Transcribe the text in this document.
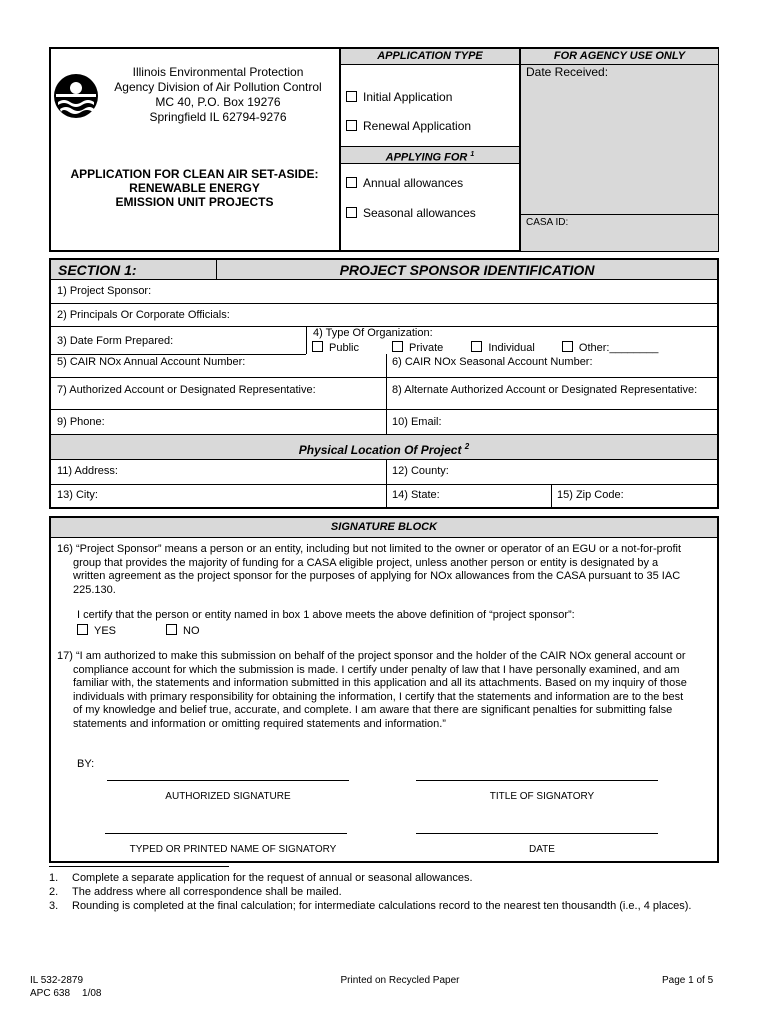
Illinois Environmental Protection
Agency Division of Air Pollution Control
MC 40, P.O. Box 19276
Springfield IL 62794-9276
APPLICATION FOR CLEAN AIR SET-ASIDE:
RENEWABLE ENERGY
EMISSION UNIT PROJECTS
APPLICATION TYPE
Initial Application
Renewal Application
APPLYING FOR $^1$
Annual allowances
Seasonal allowances
FOR AGENCY USE ONLY
Date Received:
CASA ID:
SECTION 1:	PROJECT SPONSOR IDENTIFICATION
1) Project Sponsor:
2) Principals Or Corporate Officials:
3) Date Form Prepared:
4) Type Of Organization:
Public	Private	Individual	Other:________
5) CAIR NOx Annual Account Number:	6) CAIR NOx Seasonal Account Number:
7) Authorized Account or Designated Representative:	8) Alternate Authorized Account or Designated Representative:
9) Phone:	10) Email:
Physical Location Of Project $^2$
11) Address:	12) County:
13) City:	14) State:	15) Zip Code:
SIGNATURE BLOCK
16) “Project Sponsor” means a person or an entity, including but not limited to the owner or operator of an EGU or a not-for-profit
group that provides the majority of funding for a CASA eligible project, unless another person or entity is designated by a
written agreement as the project sponsor for the purposes of applying for NOx allowances from the CASA pursuant to 35 IAC
225.130.
I certify that the person or entity named in box 1 above meets the above definition of “project sponsor”:
YES	NO
17) “I am authorized to make this submission on behalf of the project sponsor and the holder of the CAIR NOx general account or
compliance account for which the submission is made. I certify under penalty of law that I have personally examined, and am
familiar with, the statements and information submitted in this application and all its attachments. Based on my inquiry of those
individuals with primary responsibility for obtaining the information, I certify that the statements and information are to the best
of my knowledge and belief true, accurate, and complete. I am aware that there are significant penalties for submitting false
statements and information or omitting required statements and information.”
BY:
AUTHORIZED SIGNATURE	TITLE OF SIGNATORY
TYPED OR PRINTED NAME OF SIGNATORY	DATE
1. Complete a separate application for the request of annual or seasonal allowances.
2. The address where all correspondence shall be mailed.
3. Rounding is completed at the final calculation; for intermediate calculations record to the nearest ten thousandth (i.e., 4 places).
IL 532-2879
APC 638 1/08
Printed on Recycled Paper	Page 1 of 5
